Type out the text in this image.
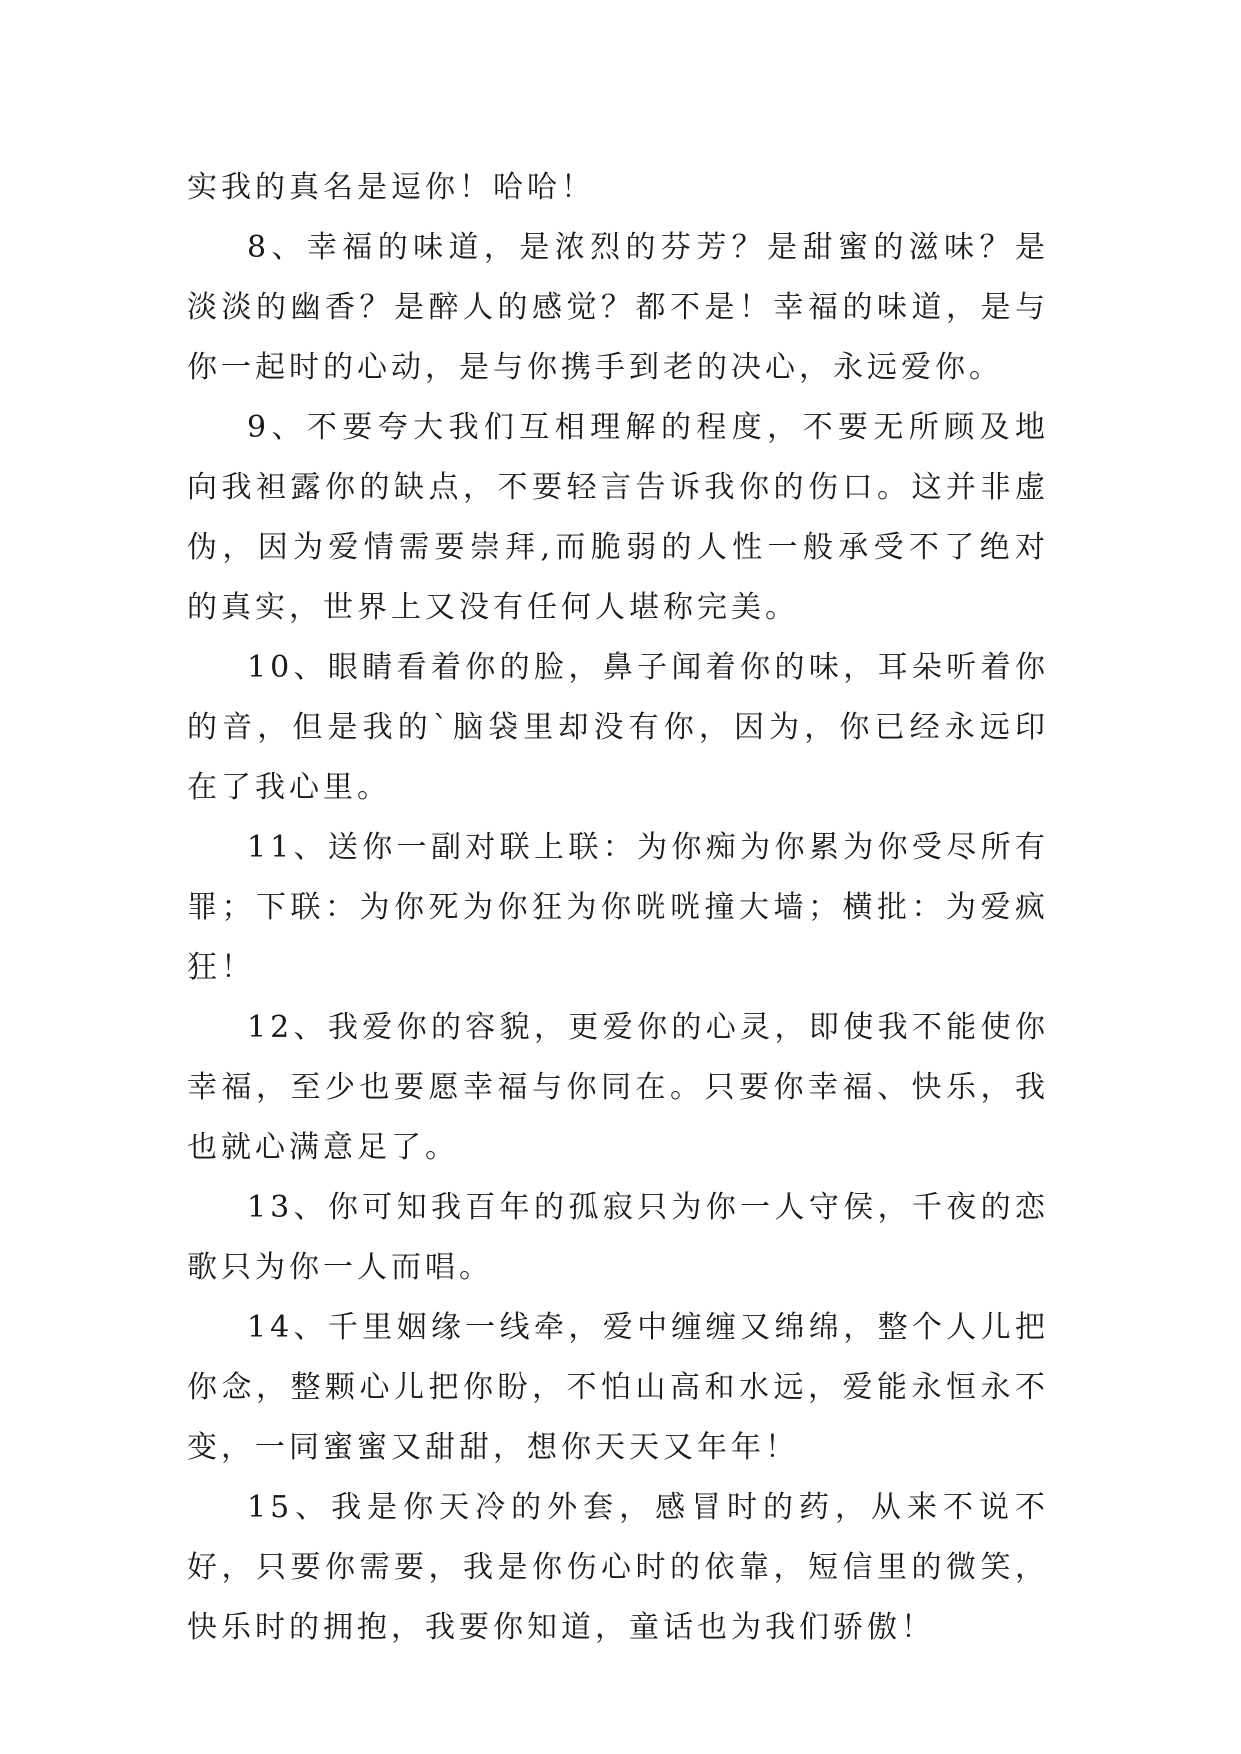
实我的真名是逗你！哈哈！

8、幸福的味道，是浓烈的芬芳？是甜蜜的滋味？是淡淡的幽香？是醉人的感觉？都不是！幸福的味道，是与你一起时的心动，是与你携手到老的决心，永远爱你。

9、不要夸大我们互相理解的程度，不要无所顾及地向我袒露你的缺点，不要轻言告诉我你的伤口。这并非虚伪，因为爱情需要崇拜,而脆弱的人性一般承受不了绝对的真实，世界上又没有任何人堪称完美。

10、眼睛看着你的脸，鼻子闻着你的味，耳朵听着你的音，但是我的`脑袋里却没有你，因为，你已经永远印在了我心里。

11、送你一副对联上联：为你痴为你累为你受尽所有罪；下联：为你死为你狂为你咣咣撞大墙；横批：为爱疯狂！

12、我爱你的容貌，更爱你的心灵，即使我不能使你幸福，至少也要愿幸福与你同在。只要你幸福、快乐，我也就心满意足了。

13、你可知我百年的孤寂只为你一人守侯，千夜的恋歌只为你一人而唱。

14、千里姻缘一线牵，爱中缠缠又绵绵，整个人儿把你念，整颗心儿把你盼，不怕山高和水远，爱能永恒永不变，一同蜜蜜又甜甜，想你天天又年年！

15、我是你天冷的外套，感冒时的药，从来不说不好，只要你需要，我是你伤心时的依靠，短信里的微笑，快乐时的拥抱，我要你知道，童话也为我们骄傲！
